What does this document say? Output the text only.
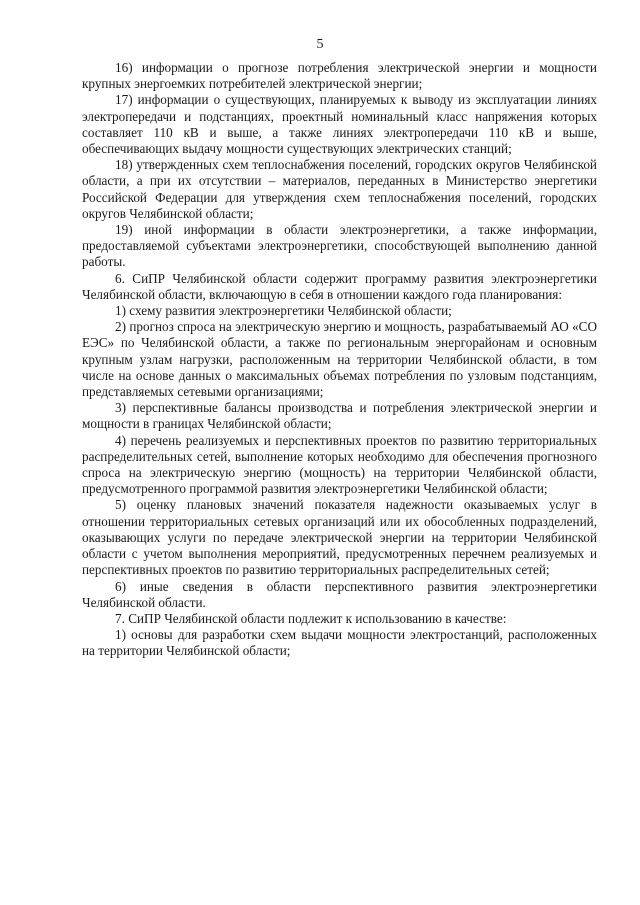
5

16) информации о прогнозе потребления электрической энергии и мощности крупных энергоемких потребителей электрической энергии;

17) информации о существующих, планируемых к выводу из эксплуатации линиях электропередачи и подстанциях, проектный номинальный класс напряжения которых составляет 110 кВ и выше, а также линиях электропередачи 110 кВ и выше, обеспечивающих выдачу мощности существующих электрических станций;

18) утвержденных схем теплоснабжения поселений, городских округов Челябинской области, а при их отсутствии – материалов, переданных в Министерство энергетики Российской Федерации для утверждения схем теплоснабжения поселений, городских округов Челябинской области;

19) иной информации в области электроэнергетики, а также информации, предоставляемой субъектами электроэнергетики, способствующей выполнению данной работы.

6. СиПР Челябинской области содержит программу развития электроэнергетики Челябинской области, включающую в себя в отношении каждого года планирования:

1) схему развития электроэнергетики Челябинской области;

2) прогноз спроса на электрическую энергию и мощность, разрабатываемый АО «СО ЕЭС» по Челябинской области, а также по региональным энергорайонам и основным крупным узлам нагрузки, расположенным на территории Челябинской области, в том числе на основе данных о максимальных объемах потребления по узловым подстанциям, представляемых сетевыми организациями;

3) перспективные балансы производства и потребления электрической энергии и мощности в границах Челябинской области;

4) перечень реализуемых и перспективных проектов по развитию территориальных распределительных сетей, выполнение которых необходимо для обеспечения прогнозного спроса на электрическую энергию (мощность) на территории Челябинской области, предусмотренного программой развития электроэнергетики Челябинской области;

5) оценку плановых значений показателя надежности оказываемых услуг в отношении территориальных сетевых организаций или их обособленных подразделений, оказывающих услуги по передаче электрической энергии на территории Челябинской области с учетом выполнения мероприятий, предусмотренных перечнем реализуемых и перспективных проектов по развитию территориальных распределительных сетей;

6) иные сведения в области перспективного развития электроэнергетики Челябинской области.

7. СиПР Челябинской области подлежит к использованию в качестве:

1) основы для разработки схем выдачи мощности электростанций, расположенных на территории Челябинской области;
